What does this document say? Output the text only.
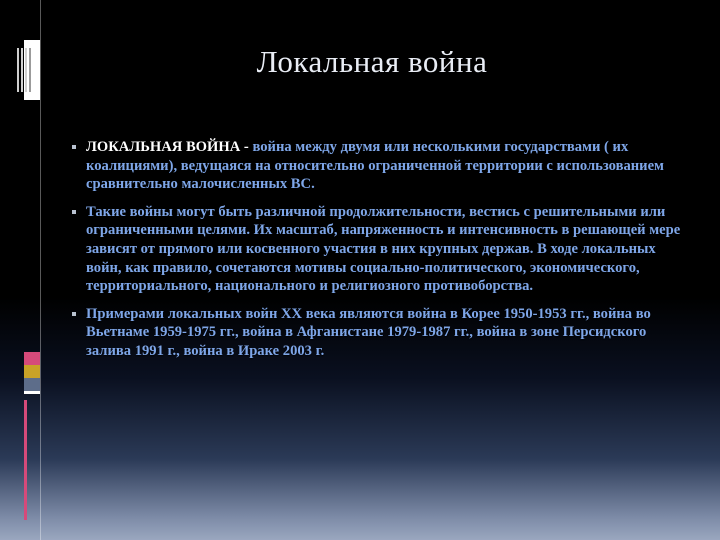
Локальная война
ЛОКАЛЬНАЯ ВОЙНА - война между двумя или несколькими государствами ( их коалициями), ведущаяся на относительно ограниченной территории с использованием сравнительно малочисленных ВС.
Такие войны могут быть различной продолжительности, вестись с решительными или ограниченными целями. Их масштаб, напряженность и интенсивность в решающей мере зависят от прямого или косвенного участия в них крупных держав. В ходе локальных войн, как правило, сочетаются мотивы социально-политического, экономического, территориального, национального и религиозного противоборства.
Примерами локальных войн XX века являются война в Корее 1950-1953 гг., война во Вьетнаме 1959-1975 гг., война в Афганистане 1979-1987 гг., война в зоне Персидского залива 1991 г., война в Ираке 2003 г.
